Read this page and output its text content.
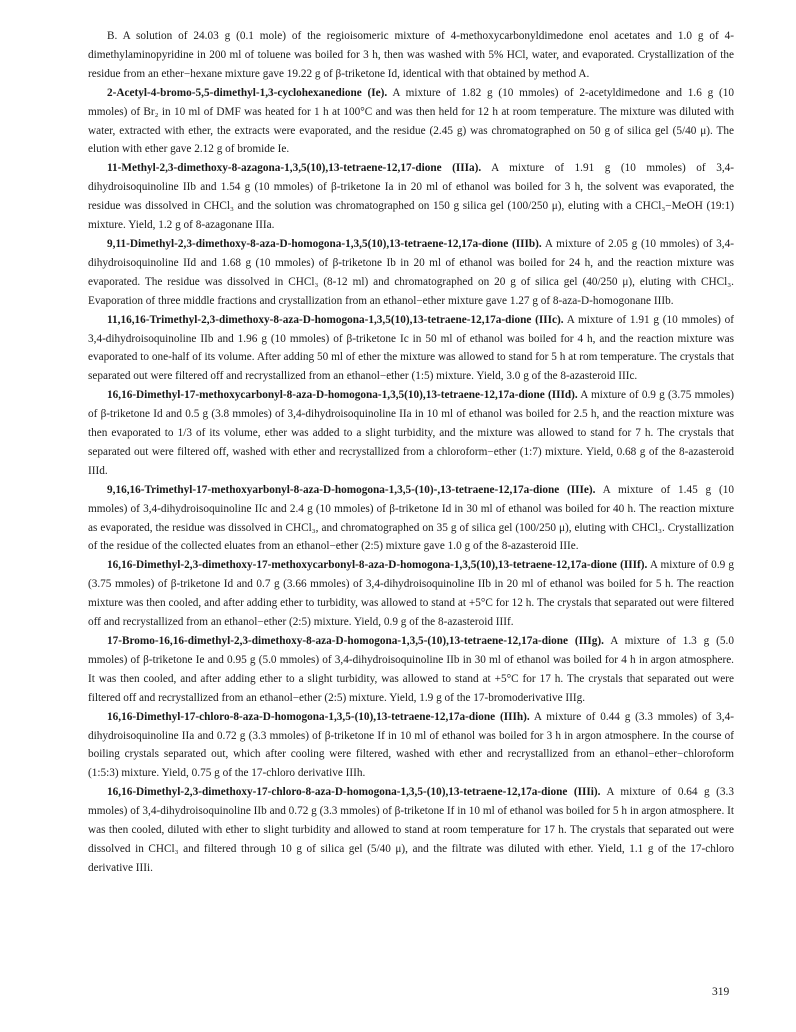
B. A solution of 24.03 g (0.1 mole) of the regioisomeric mixture of 4-methoxycarbonyldimedone enol acetates and 1.0 g of 4-dimethylaminopyridine in 200 ml of toluene was boiled for 3 h, then was washed with 5% HCl, water, and evaporated. Crystallization of the residue from an ether−hexane mixture gave 19.22 g of β-triketone Id, identical with that obtained by method A.

2-Acetyl-4-bromo-5,5-dimethyl-1,3-cyclohexanedione (Ie). A mixture of 1.82 g (10 mmoles) of 2-acetyldimedone and 1.6 g (10 mmoles) of Br₂ in 10 ml of DMF was heated for 1 h at 100°C and was then held for 12 h at room temperature. The mixture was diluted with water, extracted with ether, the extracts were evaporated, and the residue (2.45 g) was chromatographed on 50 g of silica gel (5/40 μ). The elution with ether gave 2.12 g of bromide Ie.

11-Methyl-2,3-dimethoxy-8-azagona-1,3,5(10),13-tetraene-12,17-dione (IIIa). A mixture of 1.91 g (10 mmoles) of 3,4-dihydroisoquinoline IIb and 1.54 g (10 mmoles) of β-triketone Ia in 20 ml of ethanol was boiled for 3 h, the solvent was evaporated, the residue was dissolved in CHCl₃ and the solution was chromatographed on 150 g silica gel (100/250 μ), eluting with a CHCl₃−MeOH (19:1) mixture. Yield, 1.2 g of 8-azagonane IIIa.

9,11-Dimethyl-2,3-dimethoxy-8-aza-D-homogona-1,3,5(10),13-tetraene-12,17a-dione (IIIb). A mixture of 2.05 g (10 mmoles) of 3,4-dihydroisoquinoline IId and 1.68 g (10 mmoles) of β-triketone Ib in 20 ml of ethanol was boiled for 24 h, and the reaction mixture was evaporated. The residue was dissolved in CHCl₃ (8-12 ml) and chromatographed on 20 g of silica gel (40/250 μ), eluting with CHCl₃. Evaporation of three middle fractions and crystallization from an ethanol−ether mixture gave 1.27 g of 8-aza-D-homogonane IIIb.

11,16,16-Trimethyl-2,3-dimethoxy-8-aza-D-homogona-1,3,5(10),13-tetraene-12,17a-dione (IIIc). A mixture of 1.91 g (10 mmoles) of 3,4-dihydroisoquinoline IIb and 1.96 g (10 mmoles) of β-triketone Ic in 50 ml of ethanol was boiled for 4 h, and the reaction mixture was evaporated to one-half of its volume. After adding 50 ml of ether the mixture was allowed to stand for 5 h at rom temperature. The crystals that separated out were filtered off and recrystallized from an ethanol−ether (1:5) mixture. Yield, 3.0 g of the 8-azasteroid IIIc.

16,16-Dimethyl-17-methoxycarbonyl-8-aza-D-homogona-1,3,5(10),13-tetraene-12,17a-dione (IIId). A mixture of 0.9 g (3.75 mmoles) of β-triketone Id and 0.5 g (3.8 mmoles) of 3,4-dihydroisoquinoline IIa in 10 ml of ethanol was boiled for 2.5 h, and the reaction mixture was then evaporated to 1/3 of its volume, ether was added to a slight turbidity, and the mixture was allowed to stand for 7 h. The crystals that separated out were filtered off, washed with ether and recrystallized from a chloroform−ether (1:7) mixture. Yield, 0.68 g of the 8-azasteroid IIId.

9,16,16-Trimethyl-17-methoxyarbonyl-8-aza-D-homogona-1,3,5-(10)-,13-tetraene-12,17a-dione (IIIe). A mixture of 1.45 g (10 mmoles) of 3,4-dihydroisoquinoline IIc and 2.4 g (10 mmoles) of β-triketone Id in 30 ml of ethanol was boiled for 40 h. The reaction mixture as evaporated, the residue was dissolved in CHCl₃, and chromatographed on 35 g of silica gel (100/250 μ), eluting with CHCl₃. Crystallization of the residue of the collected eluates from an ethanol−ether (2:5) mixture gave 1.0 g of the 8-azasteroid IIIe.

16,16-Dimethyl-2,3-dimethoxy-17-methoxycarbonyl-8-aza-D-homogona-1,3,5(10),13-tetraene-12,17a-dione (IIIf). A mixture of 0.9 g (3.75 mmoles) of β-triketone Id and 0.7 g (3.66 mmoles) of 3,4-dihydroisoquinoline IIb in 20 ml of ethanol was boiled for 5 h. The reaction mixture was then cooled, and after adding ether to turbidity, was allowed to stand at +5°C for 12 h. The crystals that separated out were filtered off and recrystallized from an ethanol−ether (2:5) mixture. Yield, 0.9 g of the 8-azasteroid IIIf.

17-Bromo-16,16-dimethyl-2,3-dimethoxy-8-aza-D-homogona-1,3,5-(10),13-tetraene-12,17a-dione (IIIg). A mixture of 1.3 g (5.0 mmoles) of β-triketone Ie and 0.95 g (5.0 mmoles) of 3,4-dihydroisoquinoline IIb in 30 ml of ethanol was boiled for 4 h in argon atmosphere. It was then cooled, and after adding ether to a slight turbidity, was allowed to stand at +5°C for 17 h. The crystals that separated out were filtered off and recrystallized from an ethanol−ether (2:5) mixture. Yield, 1.9 g of the 17-bromoderivative IIIg.

16,16-Dimethyl-17-chloro-8-aza-D-homogona-1,3,5-(10),13-tetraene-12,17a-dione (IIIh). A mixture of 0.44 g (3.3 mmoles) of 3,4-dihydroisoquinoline IIa and 0.72 g (3.3 mmoles) of β-triketone If in 10 ml of ethanol was boiled for 3 h in argon atmosphere. In the course of boiling crystals separated out, which after cooling were filtered, washed with ether and recrystallized from an ethanol−ether−chloroform (1:5:3) mixture. Yield, 0.75 g of the 17-chloro derivative IIIh.

16,16-Dimethyl-2,3-dimethoxy-17-chloro-8-aza-D-homogona-1,3,5-(10),13-tetraene-12,17a-dione (IIIi). A mixture of 0.64 g (3.3 mmoles) of 3,4-dihydroisoquinoline IIb and 0.72 g (3.3 mmoles) of β-triketone If in 10 ml of ethanol was boiled for 5 h in argon atmosphere. It was then cooled, diluted with ether to slight turbidity and allowed to stand at room temperature for 17 h. The crystals that separated out were dissolved in CHCl₃ and filtered through 10 g of silica gel (5/40 μ), and the filtrate was diluted with ether. Yield, 1.1 g of the 17-chloro derivative IIIi.

319
